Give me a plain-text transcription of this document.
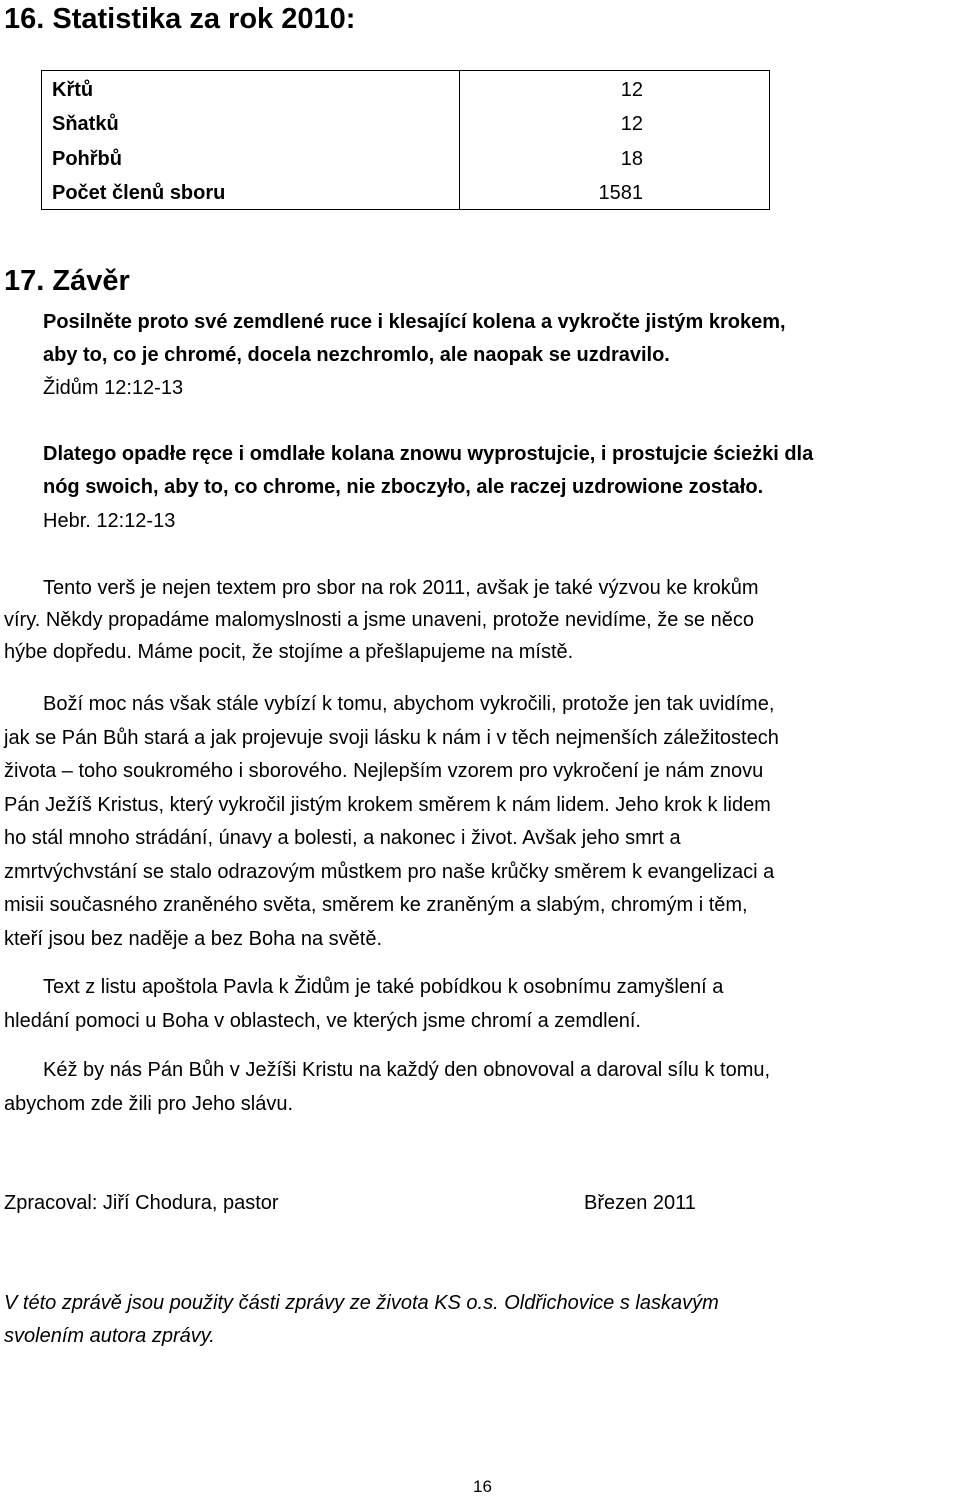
16. Statistika za rok 2010:
Křtů	12
Sňatků	12
Pohřbů	18
Počet členů sboru	1581
17. Závěr
Posilněte proto své zemdlené ruce i klesající kolena a vykročte jistým krokem,
aby to, co je chromé, docela nezchromlo, ale naopak se uzdravilo.
Židům 12:12-13
Dlatego opadłe ręce i omdlałe kolana znowu wyprostujcie, i prostujcie ścieżki dla
nóg swoich, aby to, co chrome, nie zboczyło, ale raczej uzdrowione zostało.
Hebr. 12:12-13
Tento verš je nejen textem pro sbor na rok 2011, avšak je také výzvou ke krokům
víry. Někdy propadáme malomyslnosti a jsme unaveni, protože nevidíme, že se něco
hýbe dopředu. Máme pocit, že stojíme a přešlapujeme na místě.
Boží moc nás však stále vybízí k tomu, abychom vykročili, protože jen tak uvidíme,
jak se Pán Bůh stará a jak projevuje svoji lásku k nám i v těch nejmenších záležitostech
života – toho soukromého i sborového. Nejlepším vzorem pro vykročení je nám znovu
Pán Ježíš Kristus, který vykročil jistým krokem směrem k nám lidem. Jeho krok k lidem
ho stál mnoho strádání, únavy a bolesti, a nakonec i život. Avšak jeho smrt a
zmrtvýchvstání se stalo odrazovým můstkem pro naše krůčky směrem k evangelizaci a
misii současného zraněného světa, směrem ke zraněným a slabým, chromým i těm,
kteří jsou bez naděje a bez Boha na světě.
Text z listu apoštola Pavla k Židům je také pobídkou k osobnímu zamyšlení a
hledání pomoci u Boha v oblastech, ve kterých jsme chromí a zemdlení.
Kéž by nás Pán Bůh v Ježíši Kristu na každý den obnovoval a daroval sílu k tomu,
abychom zde žili pro Jeho slávu.
Zpracoval: Jiří Chodura, pastor	Březen 2011
V této zprávě jsou použity části zprávy ze života KS o.s. Oldřichovice s laskavým
svolením autora zprávy.
16
